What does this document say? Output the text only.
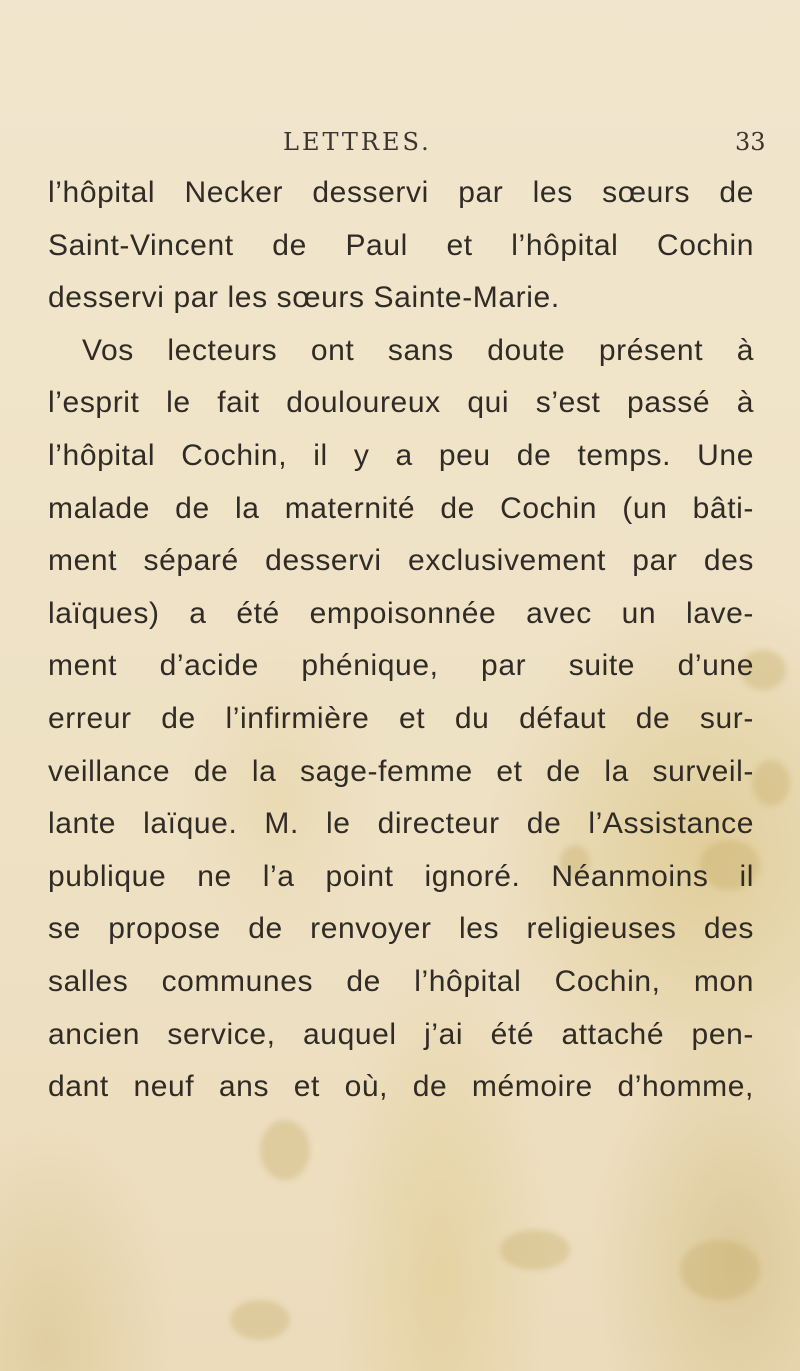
LETTRES.	33
l’hôpital Necker desservi par les sœurs de
Saint-Vincent de Paul et l’hôpital Cochin
desservi par les sœurs Sainte-Marie.
Vos lecteurs ont sans doute présent à
l’esprit le fait douloureux qui s’est passé à
l’hôpital Cochin, il y a peu de temps. Une
malade de la maternité de Cochin (un bâti-
ment séparé desservi exclusivement par des
laïques) a été empoisonnée avec un lave-
ment d’acide phénique, par suite d’une
erreur de l’infirmière et du défaut de sur-
veillance de la sage-femme et de la surveil-
lante laïque. M. le directeur de l’Assistance
publique ne l’a point ignoré. Néanmoins il
se propose de renvoyer les religieuses des
salles communes de l’hôpital Cochin, mon
ancien service, auquel j’ai été attaché pen-
dant neuf ans et où, de mémoire d’homme,
